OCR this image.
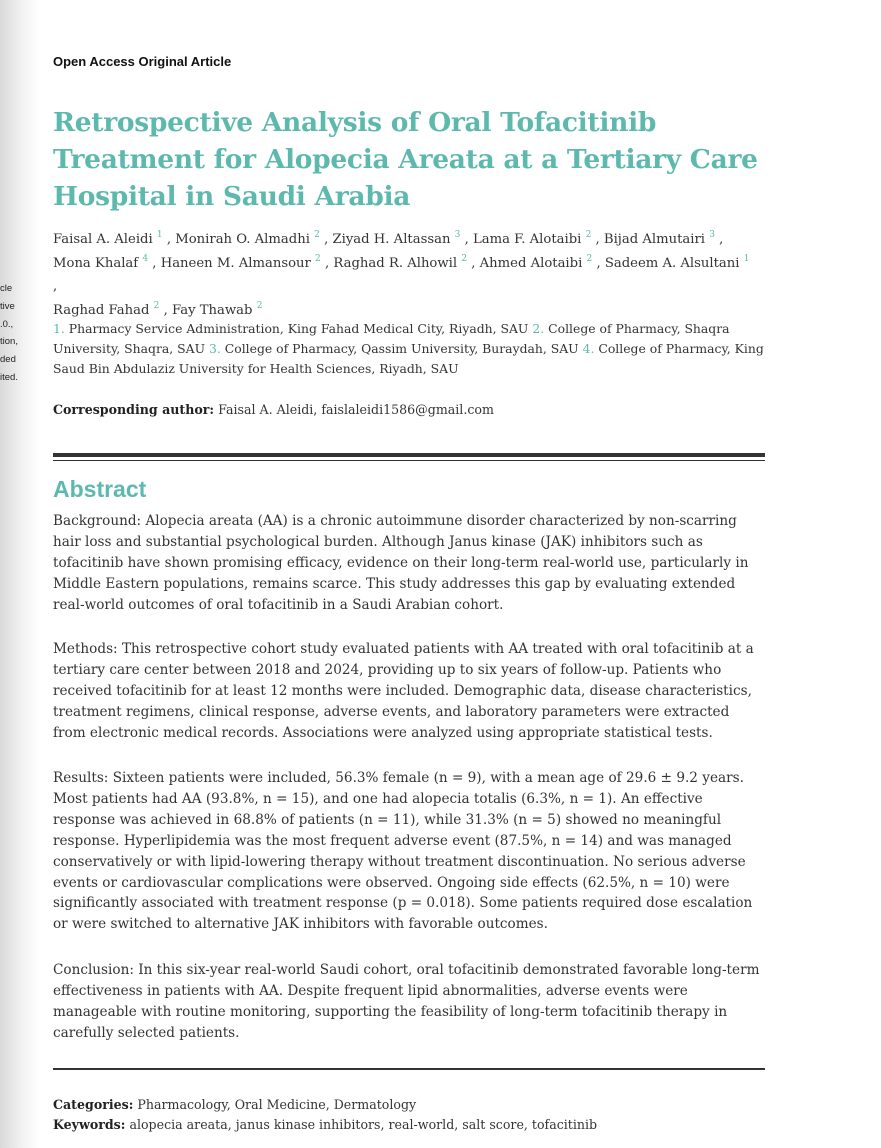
cle
tive
.0.,
tion,
ded
ited.
Open Access Original Article
Retrospective Analysis of Oral Tofacitinib Treatment for Alopecia Areata at a Tertiary Care Hospital in Saudi Arabia
Faisal A. Aleidi $^1$ , Monirah O. Almadhi $^2$ , Ziyad H. Altassan $^3$ , Lama F. Alotaibi $^2$ , Bijad Almutairi $^3$ ,
Mona Khalaf $^4$ , Haneen M. Almansour $^2$ , Raghad R. Alhowil $^2$ , Ahmed Alotaibi $^2$ , Sadeem A. Alsultani $^1$ ,
Raghad Fahad $^2$ , Fay Thawab $^2$
1. Pharmacy Service Administration, King Fahad Medical City, Riyadh, SAU 2. College of Pharmacy, Shaqra University, Shaqra, SAU 3. College of Pharmacy, Qassim University, Buraydah, SAU 4. College of Pharmacy, King Saud Bin Abdulaziz University for Health Sciences, Riyadh, SAU
Corresponding author: Faisal A. Aleidi, faislaleidi1586@gmail.com
Abstract

Background: Alopecia areata (AA) is a chronic autoimmune disorder characterized by non-scarring hair loss and substantial psychological burden. Although Janus kinase (JAK) inhibitors such as tofacitinib have shown promising efficacy, evidence on their long-term real-world use, particularly in Middle Eastern populations, remains scarce. This study addresses this gap by evaluating extended real-world outcomes of oral tofacitinib in a Saudi Arabian cohort.

Methods: This retrospective cohort study evaluated patients with AA treated with oral tofacitinib at a tertiary care center between 2018 and 2024, providing up to six years of follow-up. Patients who received tofacitinib for at least 12 months were included. Demographic data, disease characteristics, treatment regimens, clinical response, adverse events, and laboratory parameters were extracted from electronic medical records. Associations were analyzed using appropriate statistical tests.

Results: Sixteen patients were included, 56.3% female (n = 9), with a mean age of 29.6 ± 9.2 years. Most patients had AA (93.8%, n = 15), and one had alopecia totalis (6.3%, n = 1). An effective response was achieved in 68.8% of patients (n = 11), while 31.3% (n = 5) showed no meaningful response. Hyperlipidemia was the most frequent adverse event (87.5%, n = 14) and was managed conservatively or with lipid-lowering therapy without treatment discontinuation. No serious adverse events or cardiovascular complications were observed. Ongoing side effects (62.5%, n = 10) were significantly associated with treatment response (p = 0.018). Some patients required dose escalation or were switched to alternative JAK inhibitors with favorable outcomes.

Conclusion: In this six-year real-world Saudi cohort, oral tofacitinib demonstrated favorable long-term effectiveness in patients with AA. Despite frequent lipid abnormalities, adverse events were manageable with routine monitoring, supporting the feasibility of long-term tofacitinib therapy in carefully selected patients.

Categories: Pharmacology, Oral Medicine, Dermatology
Keywords: alopecia areata, janus kinase inhibitors, real-world, salt score, tofacitinib
